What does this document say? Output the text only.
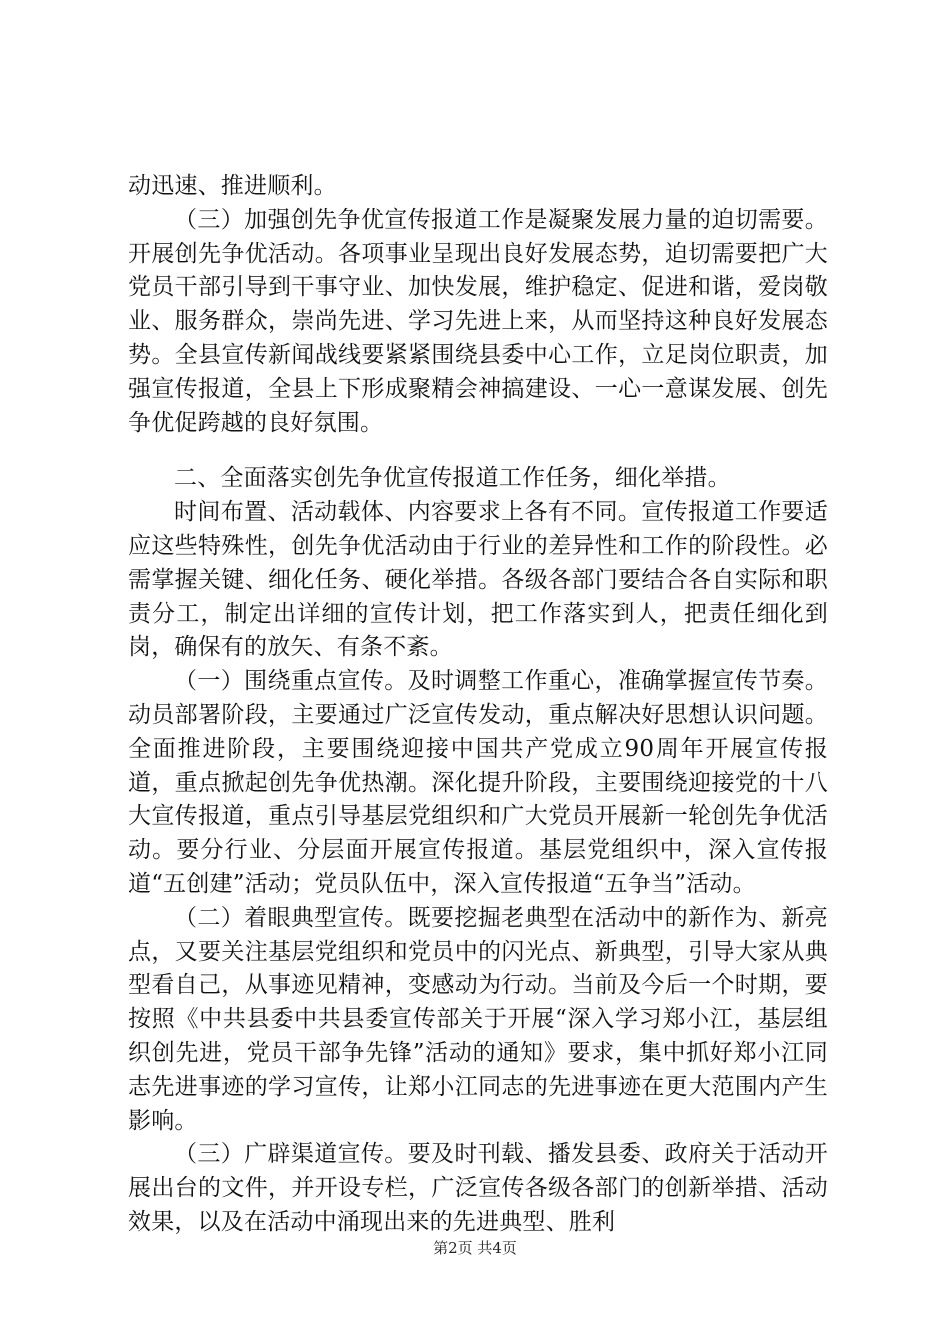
动迅速、推进顺利。

（三）加强创先争优宣传报道工作是凝聚发展力量的迫切需要。开展创先争优活动。各项事业呈现出良好发展态势，迫切需要把广大党员干部引导到干事守业、加快发展，维护稳定、促进和谐，爱岗敬业、服务群众，崇尚先进、学习先进上来，从而坚持这种良好发展态势。全县宣传新闻战线要紧紧围绕县委中心工作，立足岗位职责，加强宣传报道，全县上下形成聚精会神搞建设、一心一意谋发展、创先争优促跨越的良好氛围。

二、全面落实创先争优宣传报道工作任务，细化举措。

时间布置、活动载体、内容要求上各有不同。宣传报道工作要适应这些特殊性，创先争优活动由于行业的差异性和工作的阶段性。必需掌握关键、细化任务、硬化举措。各级各部门要结合各自实际和职责分工，制定出详细的宣传计划，把工作落实到人，把责任细化到岗，确保有的放矢、有条不紊。

（一）围绕重点宣传。及时调整工作重心，准确掌握宣传节奏。动员部署阶段，主要通过广泛宣传发动，重点解决好思想认识问题。全面推进阶段，主要围绕迎接中国共产党成立90周年开展宣传报道，重点掀起创先争优热潮。深化提升阶段，主要围绕迎接党的十八大宣传报道，重点引导基层党组织和广大党员开展新一轮创先争优活动。要分行业、分层面开展宣传报道。基层党组织中，深入宣传报道“五创建”活动；党员队伍中，深入宣传报道“五争当”活动。

（二）着眼典型宣传。既要挖掘老典型在活动中的新作为、新亮点，又要关注基层党组织和党员中的闪光点、新典型，引导大家从典型看自己，从事迹见精神，变感动为行动。当前及今后一个时期，要按照《中共县委中共县委宣传部关于开展“深入学习郑小江，基层组织创先进，党员干部争先锋”活动的通知》要求，集中抓好郑小江同志先进事迹的学习宣传，让郑小江同志的先进事迹在更大范围内产生影响。

（三）广辟渠道宣传。要及时刊载、播发县委、政府关于活动开展出台的文件，并开设专栏，广泛宣传各级各部门的创新举措、活动效果，以及在活动中涌现出来的先进典型、胜利

第2页 共4页
